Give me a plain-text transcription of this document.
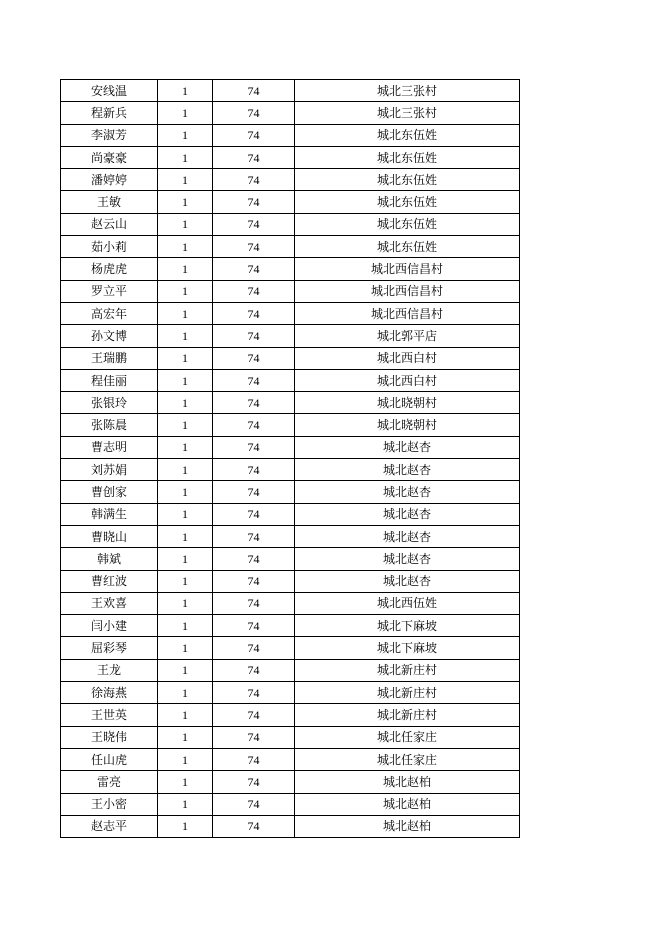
安线温	1	74	城北三张村
程新兵	1	74	城北三张村
李淑芳	1	74	城北东伍姓
尚豪豪	1	74	城北东伍姓
潘婷婷	1	74	城北东伍姓
王敏	1	74	城北东伍姓
赵云山	1	74	城北东伍姓
茹小莉	1	74	城北东伍姓
杨虎虎	1	74	城北西信昌村
罗立平	1	74	城北西信昌村
高宏年	1	74	城北西信昌村
孙文博	1	74	城北郭平店
王瑞鹏	1	74	城北西白村
程佳丽	1	74	城北西白村
张银玲	1	74	城北晓朝村
张陈晨	1	74	城北晓朝村
曹志明	1	74	城北赵杏
刘苏娟	1	74	城北赵杏
曹创家	1	74	城北赵杏
韩满生	1	74	城北赵杏
曹晓山	1	74	城北赵杏
韩斌	1	74	城北赵杏
曹红波	1	74	城北赵杏
王欢喜	1	74	城北西伍姓
闫小建	1	74	城北下麻坡
屈彩琴	1	74	城北下麻坡
王龙	1	74	城北新庄村
徐海燕	1	74	城北新庄村
王世英	1	74	城北新庄村
王晓伟	1	74	城北任家庄
任山虎	1	74	城北任家庄
雷亮	1	74	城北赵柏
王小密	1	74	城北赵柏
赵志平	1	74	城北赵柏
